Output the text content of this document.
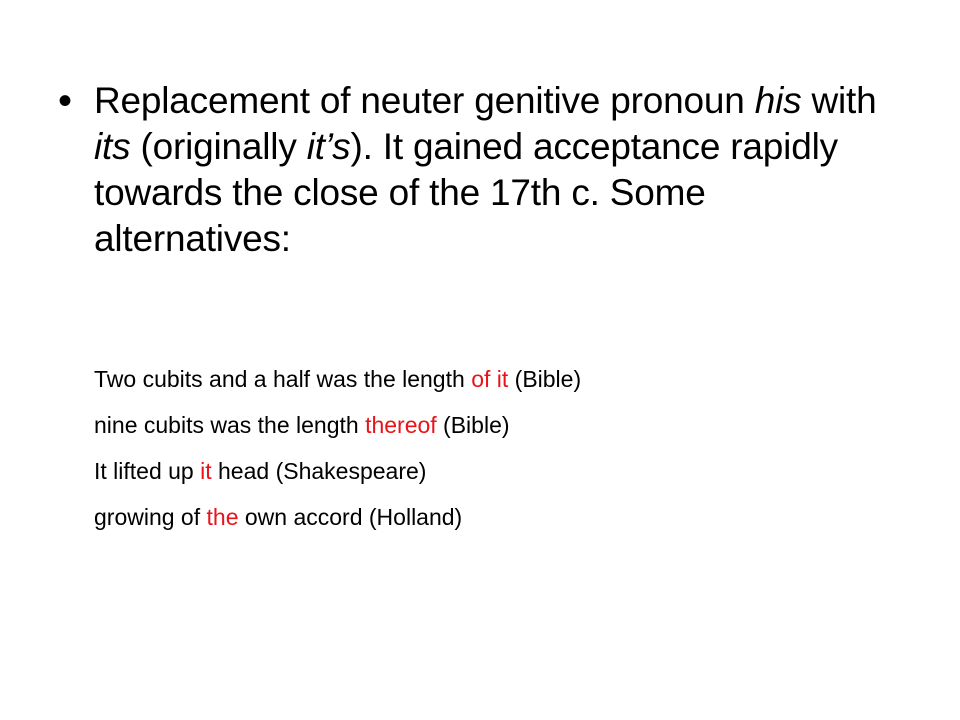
• Replacement of neuter genitive pronoun his with its (originally it’s). It gained acceptance rapidly towards the close of the 17th c. Some alternatives:
Two cubits and a half was the length of it (Bible)
nine cubits was the length thereof (Bible)
It lifted up it head (Shakespeare)
growing of the own accord (Holland)
